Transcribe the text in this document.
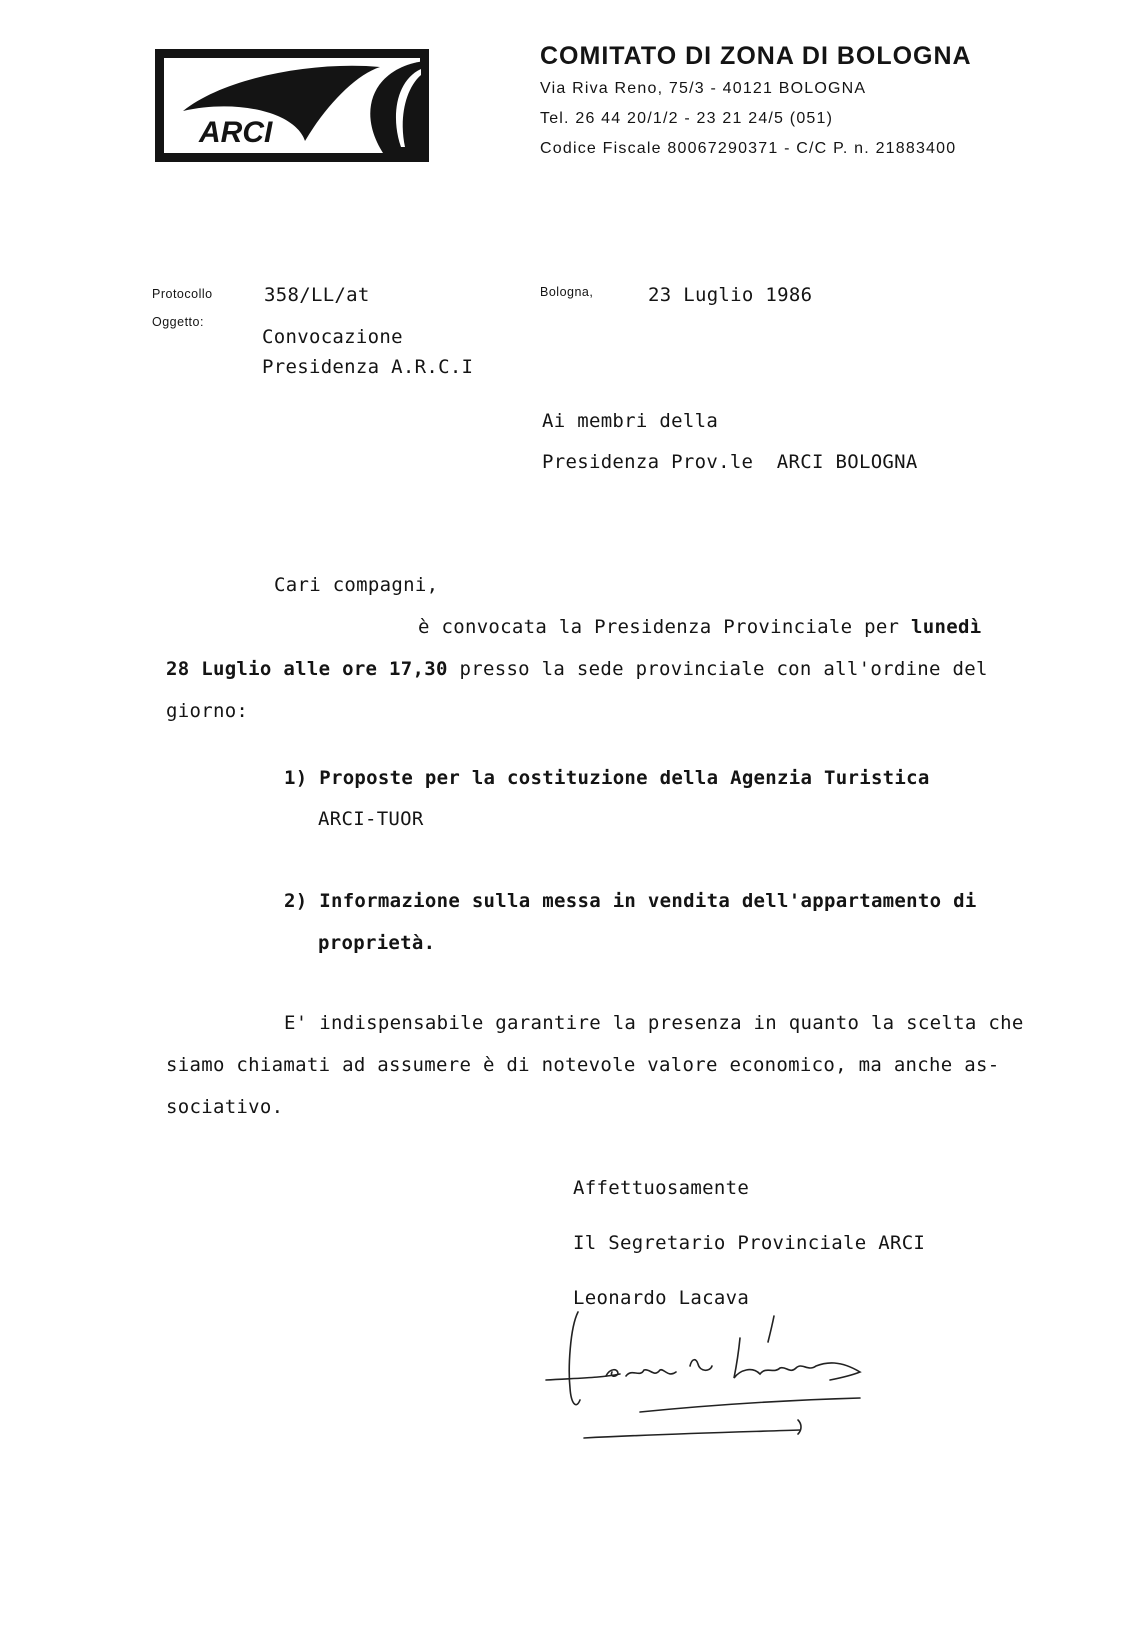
ARCI
COMITATO DI ZONA DI BOLOGNA
Via Riva Reno, 75/3 - 40121 BOLOGNA
Tel. 26 44 20/1/2 - 23 21 24/5 (051)
Codice Fiscale 80067290371 - C/C P. n. 21883400
Protocollo	358/LL/at
Oggetto:
Convocazione
Presidenza A.R.C.I
Bologna,	23 Luglio 1986
Ai membri della
Presidenza Prov.le  ARCI BOLOGNA
Cari compagni,
è convocata la Presidenza Provinciale per lunedì
28 Luglio alle ore 17,30 presso la sede provinciale con all'ordine del
giorno:
1) Proposte per la costituzione della Agenzia Turistica
ARCI-TUOR
2) Informazione sulla messa in vendita dell'appartamento di
proprietà.
E' indispensabile garantire la presenza in quanto la scelta che
siamo chiamati ad assumere è di notevole valore economico, ma anche as-
sociativo.
Affettuosamente
Il Segretario Provinciale ARCI
Leonardo Lacava
